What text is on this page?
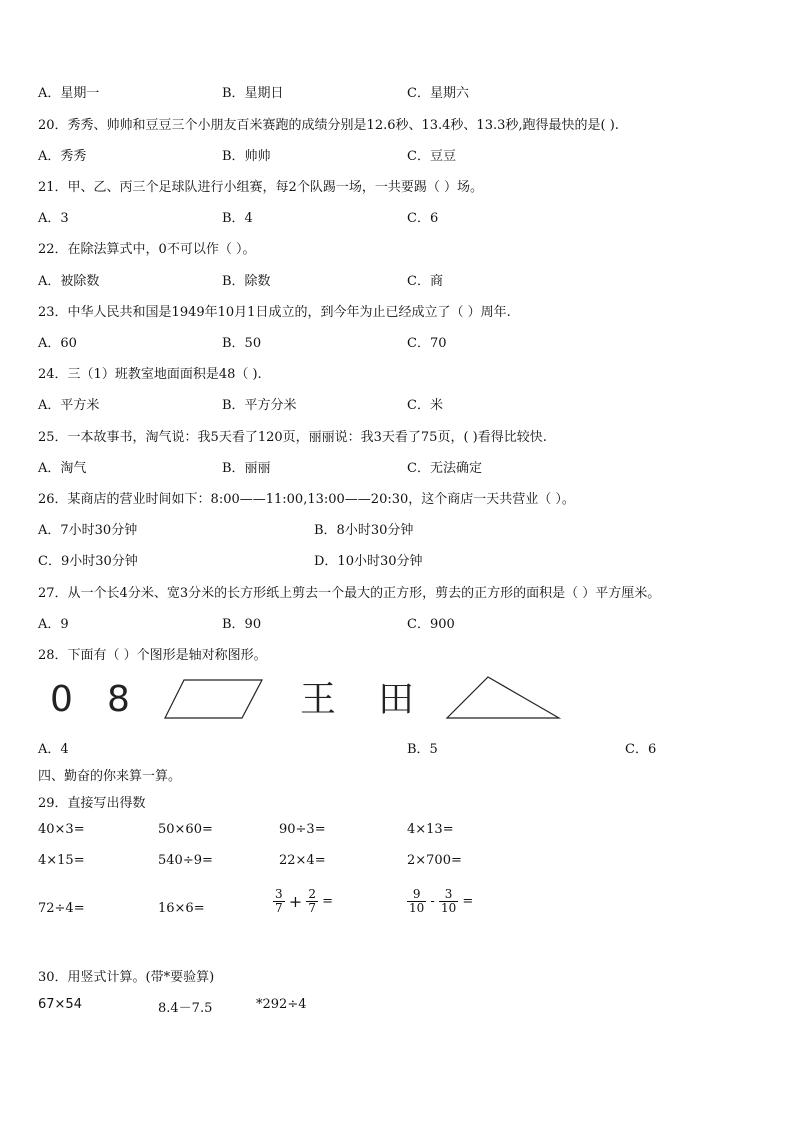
A．星期一	B．星期日	C．星期六
20．秀秀、帅帅和豆豆三个小朋友百米赛跑的成绩分别是12.6秒、13.4秒、13.3秒,跑得最快的是( ).
A．秀秀	B．帅帅	C．豆豆
21．甲、乙、丙三个足球队进行小组赛，每2个队踢一场，一共要踢（ ）场。
A．3	B．4	C．6
22．在除法算式中，0不可以作（ ）。
A．被除数	B．除数	C．商
23．中华人民共和国是1949年10月1日成立的，到今年为止已经成立了（ ）周年.
A．60	B．50	C．70
24．三（1）班教室地面面积是48（ ).
A．平方米	B．平方分米	C．米
25．一本故事书，淘气说：我5天看了120页，丽丽说：我3天看了75页，( )看得比较快.
A．淘气	B．丽丽	C．无法确定
26．某商店的营业时间如下：8:00——11:00,13:00——20:30，这个商店一天共营业（ ）。
A．7小时30分钟	B．8小时30分钟
C．9小时30分钟	D．10小时30分钟
27．从一个长4分米、宽3分米的长方形纸上剪去一个最大的正方形，剪去的正方形的面积是（ ）平方厘米。
A．9	B．90	C．900
28．下面有（ ）个图形是轴对称图形。
0 8	王 田
A．4	B．5	C．6
四、勤奋的你来算一算。
29．直接写出得数
40×3=	50×60=	90÷3=	4×13=
4×15=	540÷9=	22×4=	2×700=
72÷4=	16×6=	$\frac{3}{7} + \frac{2}{7}$ =	$\frac{9}{10} - \frac{3}{10}$ =
30．用竖式计算。(带*要验算)
67×54	8.4－7.5	*292÷4
